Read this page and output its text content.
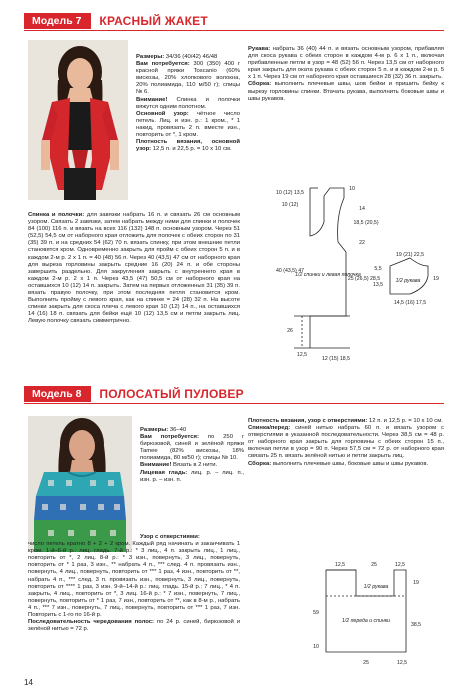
Модель 7	КРАСНЫЙ ЖАКЕТ

Размеры: 34/36 (40/42) 46/48

Вам потребуется: 300 (350) 400 г красной пряжи Toscanio (60% вискозы, 20% хлопкового волокна, 20% полиамида, 110 м/50 г); спицы № 6.

Внимание! Спинка и полочки вяжутся одним полотном.

Основной узор: чётное число петель. Лиц. и изн. р.: 1 кром., * 1 накид, провязать 2 п. вместе изн., повторить от *, 1 кром.

Плотность вязания, основной узор: 12,5 п. и 22,5 р. = 10 x 10 см.

Спинка и полочки: для завязки набрать 16 п. и связать 26 см основным узором. Связать 2 завязки, затем набрать между ними для спинки и полочек 84 (100) 116 п. и вязать на всех 116 (132) 148 п. основным узором. Через 51 (52,5) 54,5 см от наборного края отложить для полочек с обеих сторон по 31 (35) 39 п. и на средних 54 (62) 70 п. вязать спинку, при этом внешние петли становятся кром. Одновременно закрыть для пройм с обеих сторон 5 п. и в каждом 2-м р. 2 x 1 п. = 40 (48) 56 п. Через 40 (43,5) 47 см от наборного края для выреза горловины закрыть средние 16 (20) 24 п. и обе стороны завершить раздельно. Для закругления закрыть с внутреннего края в каждом 2-м р. 2 x 1 п. Через 43,5 (47) 50,5 см от наборного края на оставшихся 10 (12) 14 п. закрыть. Затем на первых отложенных 31 (35) 39 п. вязать правую полочку, при этом последняя петля становится кром. Выполнить пройму с левого края, как на спинке = 24 (28) 32 п. На высоте спинки закрыть для скоса плеча с левого края 10 (12) 14 п., на оставшихся 14 (16) 18 п. связать для бейки ещё 10 (12) 13,5 см и петли закрыть лиц. Левую полочку связать симметрично.

Рукава: набрать 36 (40) 44 п. и вязать основным узором, прибавляя для скоса рукава с обеих сторон в каждом 4-м р. 6 x 1 п., включая прибавленные петли в узор = 48 (52) 56 п. Через 13,5 см от наборного края закрыть для оката рукава с обеих сторон 5 п. и в каждом 2-м р. 5 x 1 п. Через 19 см от наборного края оставшиеся 28 (32) 36 п. закрыть.

Сборка: выполнить плечевые швы, шов бейки и пришить бейку к вырезу горловины спинки. Втачать рукава, выполнить боковые швы и швы рукавов.

10 (12) 13,5
10
10 (12)
14
18,5 (20,5)
22
40 (43,5) 47
25 (26,5) 28,5
26
12,5
12 (15) 18,5
1/2 спинки и левая полочка
19 (21) 22,5
5,5
19
13,5
14,5 (16) 17,5
1/2 рукава
Модель 8	ПОЛОСАТЫЙ ПУЛОВЕР

Размеры: 36–40

Вам потребуется: по 250 г бирюзовой, синей и зелёной пряжи Tamee (82% вискозы, 18% полиамида, 80 м/50 г); спицы № 10.

Внимание! Вязать в 2 нити.

Лицевая гладь: лиц. р. – лиц. п., изн. р. – изн. п.

Узор с отверстиями:

число петель кратно 8 + 2 + 2 кром. Каждый ряд начинать и заканчивать 1 кром. 1-й–6-й р.: лиц. гладь. 7-й р.: * 3 лиц., 4 п. закрыть лиц., 1 лиц., повторить от *, 2 лиц. 8-й р.: * 3 изн., повернуть, 3 лиц., повернуть, повторить от * 1 раз, 3 изн., ** набрать 4 п., *** след. 4 п. провязать изн., повернуть, 4 лиц., повернуть, повторить от *** 1 раз, 4 изн., повторить от **, набрать 4 п., *** след. 3 п. провязать изн., повернуть, 3 лиц., повернуть, повторить от **** 1 раз, 3 изн. 9-й–14-й р.: лиц. гладь. 15-й р.: 7 лиц., * 4 п. закрыть, 4 лиц., повторить от *, 3 лиц. 16-й р.: * 7 изн., повернуть, 7 лиц., повернуть, повторить от * 1 раз, 7 изн., повторить от **, как в 8-м р., набрать 4 п., *** 7 изн., повернуть, 7 лиц., повернуть, повторить от *** 1 раз, 7 изн. Повторить с 1-го по 16-й р.

Последовательность чередования полос: по 24 р. синей, бирюзовой и зелёной нитью = 72 р.

Плотность вязания, узор с отверстиями: 12 п. и 12,5 р. = 10 x 10 см.

Спинка/перед: синей нитью набрать 60 п. и вязать узором с отверстиями в указанной последовательности. Через 38,5 см = 48 р. от наборного края закрыть для горловины с обеих сторон 15 п., включая петли в узор = 90 п. Через 57,5 см = 72 р. от наборного края связать 25 п. вязать зелёной нитью и петли закрыть лиц.

Сборка: выполнить плечевые швы, боковые швы и швы рукавов.

12,5	25	12,5
19
59
38,5
10
25	12,5
1/2 рукава
1/2 переда и спинки
14
